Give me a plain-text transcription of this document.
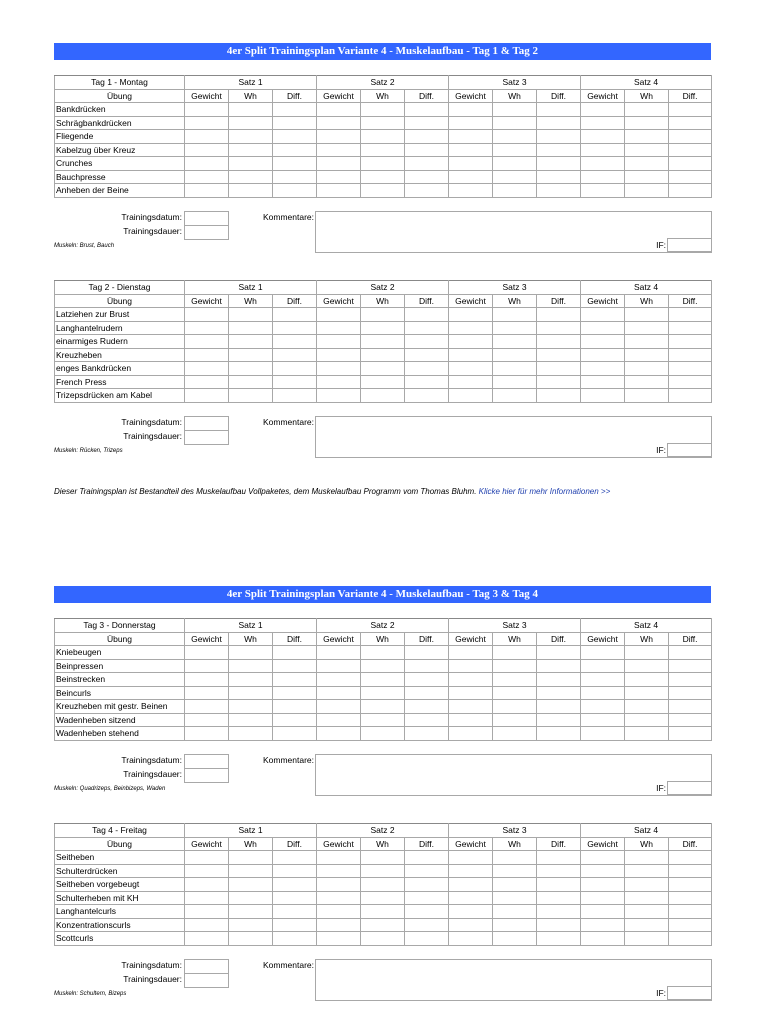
4er Split Trainingsplan Variante 4 - Muskelaufbau - Tag 1 & Tag 2
Tag 1 - Montag	Satz 1			Satz 2			Satz 3			Satz 4		
Übung	Gewicht	Wh	Diff.	Gewicht	Wh	Diff.	Gewicht	Wh	Diff.	Gewicht	Wh	Diff.
Bankdrücken												
Schrägbankdrücken												
Fliegende												
Kabelzug über Kreuz												
Crunches												
Bauchpresse												
Anheben der Beine												
Trainingsdatum:
Trainingsdauer:
Kommentare:
IF:
Muskeln: Brust, Bauch
Tag 2 - Dienstag	Satz 1			Satz 2			Satz 3			Satz 4		
Übung	Gewicht	Wh	Diff.	Gewicht	Wh	Diff.	Gewicht	Wh	Diff.	Gewicht	Wh	Diff.
Latziehen zur Brust												
Langhantelrudern												
einarmiges Rudern												
Kreuzheben												
enges Bankdrücken												
French Press												
Trizepsdrücken am Kabel												
Trainingsdatum:
Trainingsdauer:
Kommentare:
IF:
Muskeln: Rücken, Trizeps
4er Split Trainingsplan Variante 4 - Muskelaufbau - Tag 3 & Tag 4
Tag 3 - Donnerstag	Satz 1			Satz 2			Satz 3			Satz 4		
Übung	Gewicht	Wh	Diff.	Gewicht	Wh	Diff.	Gewicht	Wh	Diff.	Gewicht	Wh	Diff.
Kniebeugen												
Beinpressen												
Beinstrecken												
Beincurls												
Kreuzheben mit gestr. Beinen												
Wadenheben sitzend												
Wadenheben stehend												
Trainingsdatum:
Trainingsdauer:
Kommentare:
IF:
Muskeln: Quadrizeps, Beinbizeps, Waden
Tag 4 - Freitag	Satz 1			Satz 2			Satz 3			Satz 4		
Übung	Gewicht	Wh	Diff.	Gewicht	Wh	Diff.	Gewicht	Wh	Diff.	Gewicht	Wh	Diff.
Seitheben												
Schulterdrücken												
Seitheben vorgebeugt												
Schulterheben mit KH												
Langhantelcurls												
Konzentrationscurls												
Scottcurls												
Trainingsdatum:
Trainingsdauer:
Kommentare:
IF:
Muskeln: Schultern, Bizeps
Dieser Trainingsplan ist Bestandteil des Muskelaufbau Vollpaketes, dem Muskelaufbau Programm vom Thomas Bluhm. Klicke hier für mehr Informationen >>
